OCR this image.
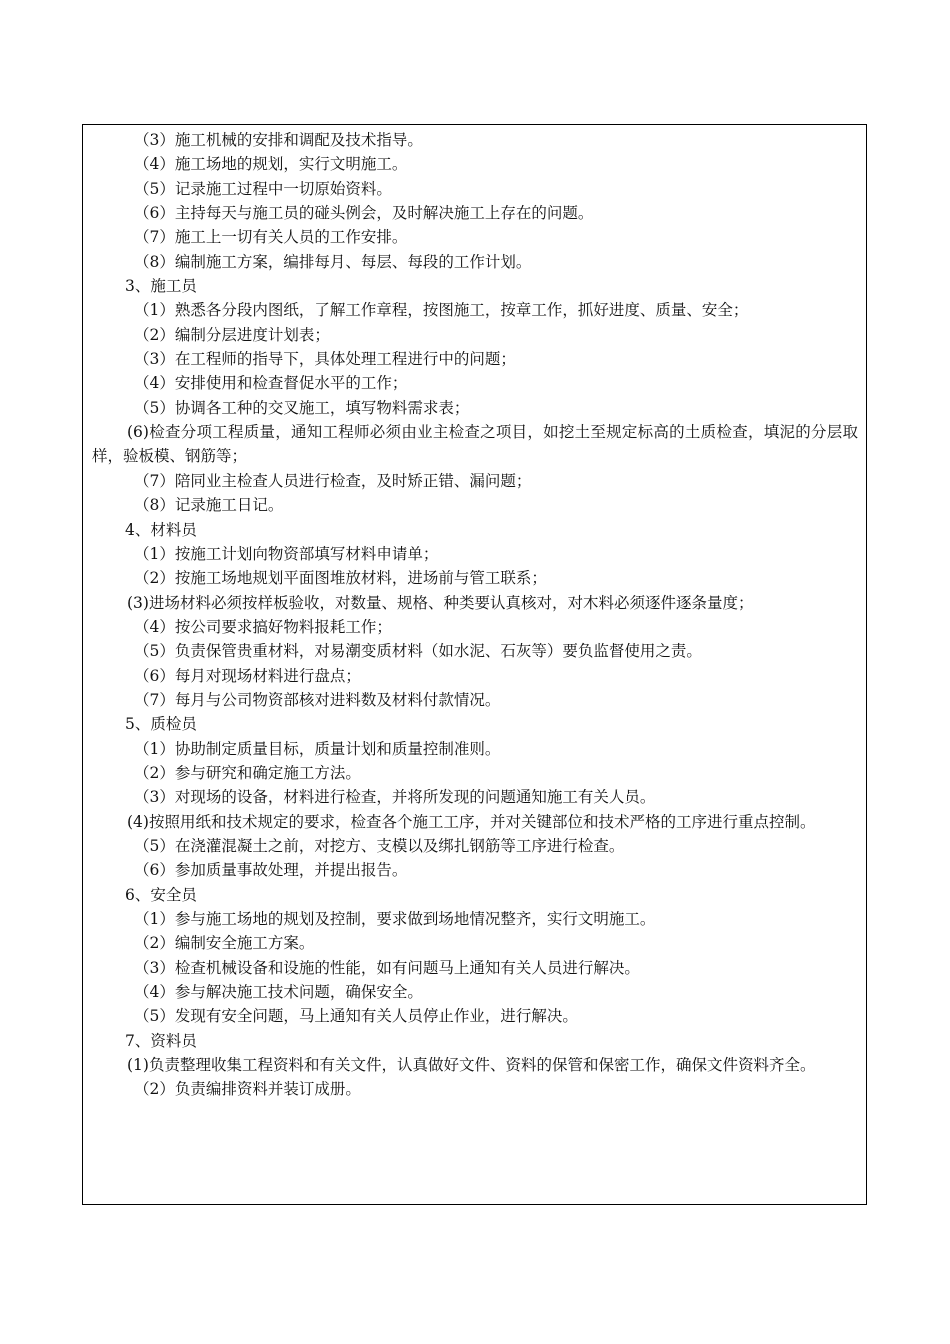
（3）施工机械的安排和调配及技术指导。
（4）施工场地的规划，实行文明施工。
（5）记录施工过程中一切原始资料。
（6）主持每天与施工员的碰头例会，及时解决施工上存在的问题。
（7）施工上一切有关人员的工作安排。
（8）编制施工方案，编排每月、每层、每段的工作计划。
3、施工员
（1）熟悉各分段内图纸，了解工作章程，按图施工，按章工作，抓好进度、质量、安全；
（2）编制分层进度计划表；
（3）在工程师的指导下，具体处理工程进行中的问题；
（4）安排使用和检查督促水平的工作；
（5）协调各工种的交叉施工，填写物料需求表；

(6)检查分项工程质量，通知工程师必须由业主检查之项目，如挖土至规定标高的土质检查，填泥的分层取样，验板模、钢筋等；

（7）陪同业主检查人员进行检查，及时矫正错、漏问题；
（8）记录施工日记。
4、材料员
（1）按施工计划向物资部填写材料申请单；
（2）按施工场地规划平面图堆放材料，进场前与管工联系；

(3)进场材料必须按样板验收，对数量、规格、种类要认真核对，对木料必须逐件逐条量度；

（4）按公司要求搞好物料报耗工作；
（5）负责保管贵重材料，对易潮变质材料（如水泥、石灰等）要负监督使用之责。
（6）每月对现场材料进行盘点；
（7）每月与公司物资部核对进料数及材料付款情况。
5、质检员
（1）协助制定质量目标，质量计划和质量控制准则。
（2）参与研究和确定施工方法。
（3）对现场的设备，材料进行检查，并将所发现的问题通知施工有关人员。

(4)按照用纸和技术规定的要求，检查各个施工工序，并对关键部位和技术严格的工序进行重点控制。

（5）在浇灌混凝土之前，对挖方、支模以及绑扎钢筋等工序进行检查。
（6）参加质量事故处理，并提出报告。
6、安全员
（1）参与施工场地的规划及控制，要求做到场地情况整齐，实行文明施工。
（2）编制安全施工方案。
（3）检查机械设备和设施的性能，如有问题马上通知有关人员进行解决。
（4）参与解决施工技术问题，确保安全。
（5）发现有安全问题，马上通知有关人员停止作业，进行解决。
7、资料员

(1)负责整理收集工程资料和有关文件，认真做好文件、资料的保管和保密工作，确保文件资料齐全。

（2）负责编排资料并装订成册。
